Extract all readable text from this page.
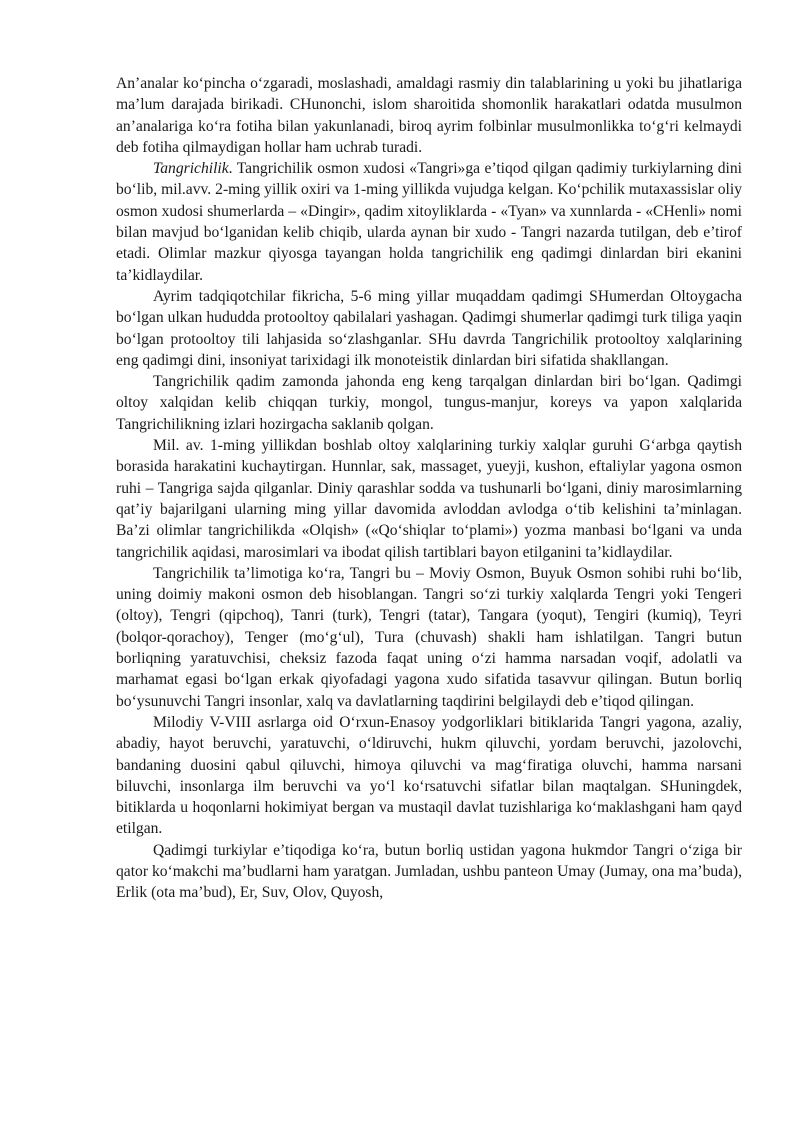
An’analar ko‘pincha o‘zgaradi, moslashadi, amaldagi rasmiy din talablarining u yoki bu jihatlariga ma’lum darajada birikadi. CHunonchi, islom sharoitida shomonlik harakatlari odatda musulmon an’analariga ko‘ra fotiha bilan yakunlanadi, biroq ayrim folbinlar musulmonlikka to‘g‘ri kelmaydi deb fotiha qilmaydigan hollar ham uchrab turadi.

Tangrichilik. Tangrichilik osmon xudosi «Tangri»ga e’tiqod qilgan qadimiy turkiylarning dini bo‘lib, mil.avv. 2-ming yillik oxiri va 1-ming yillikda vujudga kelgan. Ko‘pchilik mutaxassislar oliy osmon xudosi shumerlarda – «Dingir», qadim xitoyliklarda - «Tyan» va xunnlarda - «CHenli» nomi bilan mavjud bo‘lganidan kelib chiqib, ularda aynan bir xudo - Tangri nazarda tutilgan, deb e’tirof etadi. Olimlar mazkur qiyosga tayangan holda tangrichilik eng qadimgi dinlardan biri ekanini ta’kidlaydilar.

Ayrim tadqiqotchilar fikricha, 5-6 ming yillar muqaddam qadimgi SHumerdan Oltoygacha bo‘lgan ulkan hududda protooltoy qabilalari yashagan. Qadimgi shumerlar qadimgi turk tiliga yaqin bo‘lgan protooltoy tili lahjasida so‘zlashganlar. SHu davrda Tangrichilik protooltoy xalqlarining eng qadimgi dini, insoniyat tarixidagi ilk monoteistik dinlardan biri sifatida shakllangan.

Tangrichilik qadim zamonda jahonda eng keng tarqalgan dinlardan biri bo‘lgan. Qadimgi oltoy xalqidan kelib chiqqan turkiy, mongol, tungus-manjur, koreys va yapon xalqlarida Tangrichilikning izlari hozirgacha saklanib qolgan.

Mil. av. 1-ming yillikdan boshlab oltoy xalqlarining turkiy xalqlar guruhi G‘arbga qaytish borasida harakatini kuchaytirgan. Hunnlar, sak, massaget, yueyji, kushon, eftaliylar yagona osmon ruhi – Tangriga sajda qilganlar. Diniy qarashlar sodda va tushunarli bo‘lgani, diniy marosimlarning qat’iy bajarilgani ularning ming yillar davomida avloddan avlodga o‘tib kelishini ta’minlagan. Ba’zi olimlar tangrichilikda «Olqish» («Qo‘shiqlar to‘plami») yozma manbasi bo‘lgani va unda tangrichilik aqidasi, marosimlari va ibodat qilish tartiblari bayon etilganini ta’kidlaydilar.

Tangrichilik ta’limotiga ko‘ra, Tangri bu – Moviy Osmon, Buyuk Osmon sohibi ruhi bo‘lib, uning doimiy makoni osmon deb hisoblangan. Tangri so‘zi turkiy xalqlarda Tengri yoki Tengeri (oltoy), Tengri (qipchoq), Tanri (turk), Tengri (tatar), Tangara (yoqut), Tengiri (kumiq), Teyri (bolqor-qorachoy), Tenger (mo‘g‘ul), Tura (chuvash) shakli ham ishlatilgan. Tangri butun borliqning yaratuvchisi, cheksiz fazoda faqat uning o‘zi hamma narsadan voqif, adolatli va marhamat egasi bo‘lgan erkak qiyofadagi yagona xudo sifatida tasavvur qilingan. Butun borliq bo‘ysunuvchi Tangri insonlar, xalq va davlatlarning taqdirini belgilaydi deb e’tiqod qilingan.

Milodiy V-VIII asrlarga oid O‘rxun-Enasoy yodgorliklari bitiklarida Tangri yagona, azaliy, abadiy, hayot beruvchi, yaratuvchi, o‘ldiruvchi, hukm qiluvchi, yordam beruvchi, jazolovchi, bandaning duosini qabul qiluvchi, himoya qiluvchi va mag‘firatiga oluvchi, hamma narsani biluvchi, insonlarga ilm beruvchi va yo‘l ko‘rsatuvchi sifatlar bilan maqtalgan. SHuningdek, bitiklarda u hoqonlarni hokimiyat bergan va mustaqil davlat tuzishlariga ko‘maklashgani ham qayd etilgan.

Qadimgi turkiylar e’tiqodiga ko‘ra, butun borliq ustidan yagona hukmdor Tangri o‘ziga bir qator ko‘makchi ma’budlarni ham yaratgan. Jumladan, ushbu panteon Umay (Jumay, ona ma’buda), Erlik (ota ma’bud), Er, Suv, Olov, Quyosh,
